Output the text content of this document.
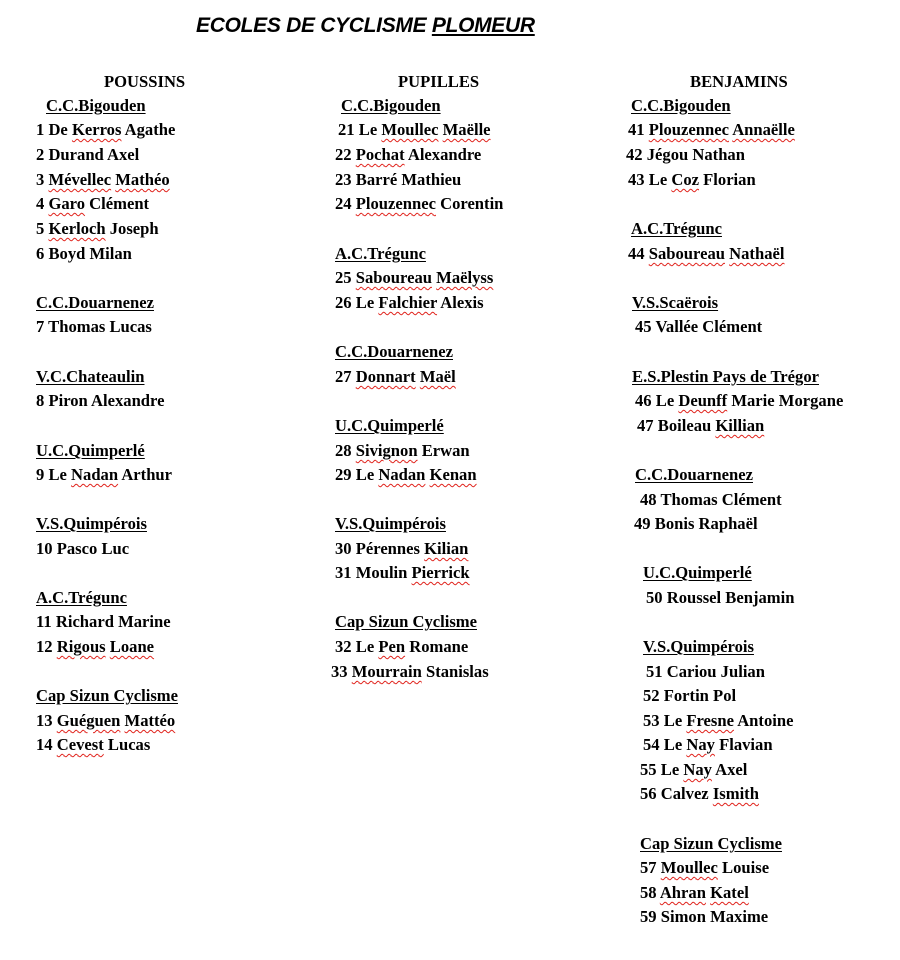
ECOLES DE CYCLISME PLOMEUR
POUSSINS
C.C.Bigouden
1 De Kerros Agathe
2 Durand Axel
3 Mévellec Mathéo
4 Garo Clément
5 Kerloch Joseph
6 Boyd Milan
C.C.Douarnenez
7 Thomas Lucas
V.C.Chateaulin
8 Piron Alexandre
U.C.Quimperlé
9 Le Nadan Arthur
V.S.Quimpérois
10 Pasco Luc
A.C.Trégunc
11 Richard Marine
12 Rigous Loane
Cap Sizun Cyclisme
13 Guéguen Mattéo
14 Cevest Lucas
PUPILLES
C.C.Bigouden
21 Le Moullec Maëlle
22 Pochat Alexandre
23 Barré Mathieu
24 Plouzennec Corentin
A.C.Trégunc
25 Saboureau Maëlyss
26 Le Falchier Alexis
C.C.Douarnenez
27 Donnart Maël
U.C.Quimperlé
28 Sivignon Erwan
29 Le Nadan Kenan
V.S.Quimpérois
30 Pérennes Kilian
31 Moulin Pierrick
Cap Sizun Cyclisme
32 Le Pen Romane
33 Mourrain Stanislas
BENJAMINS
C.C.Bigouden
41 Plouzennec Annaëlle
42 Jégou Nathan
43 Le Coz Florian
A.C.Trégunc
44 Saboureau Nathaël
V.S.Scaërois
45 Vallée Clément
E.S.Plestin Pays de Trégor
46 Le Deunff Marie Morgane
47 Boileau Killian
C.C.Douarnenez
48 Thomas Clément
49 Bonis Raphaël
U.C.Quimperlé
50 Roussel Benjamin
V.S.Quimpérois
51 Cariou Julian
52 Fortin Pol
53 Le Fresne Antoine
54 Le Nay Flavian
55 Le Nay Axel
56 Calvez Ismith
Cap Sizun Cyclisme
57 Moullec Louise
58 Ahran Katel
59 Simon Maxime
